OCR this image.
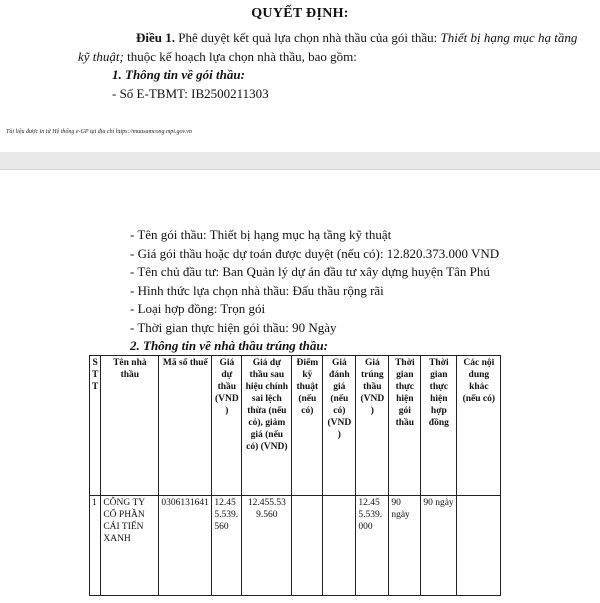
QUYẾT ĐỊNH:
Điều 1. Phê duyệt kết quả lựa chọn nhà thầu của gói thầu: Thiết bị hạng mục hạ tầng kỹ thuật; thuộc kế hoạch lựa chọn nhà thầu, bao gồm:
1. Thông tin về gói thầu:
- Số E-TBMT: IB2500211303
Tài liệu được in từ Hệ thống e-GP tại địa chỉ https://muasamcong.mpi.gov.vn
- Tên gói thầu: Thiết bị hạng mục hạ tầng kỹ thuật
- Giá gói thầu hoặc dự toán được duyệt (nếu có): 12.820.373.000 VND
- Tên chủ đầu tư: Ban Quản lý dự án đầu tư xây dựng huyện Tân Phú
- Hình thức lựa chọn nhà thầu: Đấu thầu rộng rãi
- Loại hợp đồng: Trọn gói
- Thời gian thực hiện gói thầu: 90 Ngày
2. Thông tin về nhà thầu trúng thầu:
S T T	Tên nhà thầu	Mã số thuế	Giá dự thầu (VND )	Giá dự thầu sau hiệu chính sai lệch thừa (nếu có), giảm giá (nếu có) (VND)	Điểm kỹ thuật (nếu có)	Giá đánh giá (nếu có) (VND )	Giá trúng thầu (VND )	Thời gian thực hiện gói thầu	Thời gian thực hiện hợp đồng	Các nội dung khác (nếu có)
1	CÔNG TY CỔ PHẦN CÁI TIẾN XANH	0306131641	12.455.539.560	12.455.539.560			12.455.539.000	90 ngày	90 ngày	
